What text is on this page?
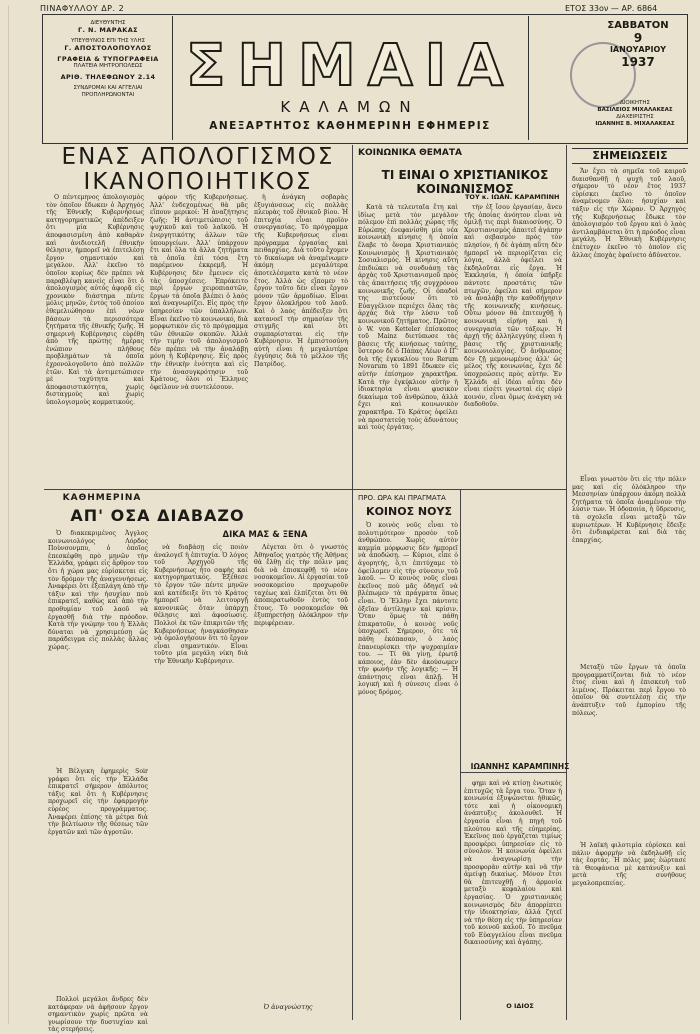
ΠΙΝΑΦΥΛΛΟΥ ΔΡ. 2	ΕΤΟΣ 33ον — ΑΡ. 6864
ΔΙΕΥΘΥΝΤΗΣ
Γ. Ν. ΜΑΡΑΚΑΣ
ΥΠΕΥΘΥΝΟΣ ΕΠΙ ΤΗΣ ΥΛΗΣ
Γ. ΑΠΟΣΤΟΛΟΠΟΥΛΟΣ
ΓΡΑΦΕΙΑ & ΤΥΠΟΓΡΑΦΕΙΑ
ΠΛΑΤΕΙΑ ΜΗΤΡΟΠΟΛΕΩΣ
ΑΡΙΘ. ΤΗΛΕΦΩΝΟΥ 2.14
ΣΥΝΔΡΟΜΑΙ ΚΑΙ ΑΓΓΕΛΙΑΙ
ΠΡΟΠΛΗΡΩΝΟΝΤΑΙ ΣΗΜΑΙΑ
ΚΑΛΑΜΩΝ
ΑΝΕΞΑΡΤΗΤΟΣ ΚΑΘΗΜΕΡΙΝΗ ΕΦΗΜΕΡΙΣ
ΣΑΒΒΑΤΟΝ
9
ΙΑΝΟΥΑΡΙΟΥ
1937
ΔΙΟΙΚΗΤΗΣ
ΒΑΣΙΛΕΙΟΣ ΜΙΧΑΛΑΚΕΑΣ
ΔΙΑΧΕΙΡΙΣΤΗΣ
ΙΩΑΝΝΗΣ Β. ΜΙΧΑΛΑΚΕΑΣ
ΕΝΑΣ ΑΠΟΛΟΓΙΣΜΟΣ ΙΚΑΝΟΠΟΙΗΤΙΚΟΣ

Ο πέντεμηνος ἀπολογισμὸς τὸν ὁποῖον ἔδωκεν ὁ Ἀρχηγὸς τῆς Ἐθνικῆς Κυβερνήσεως κατηγορηματικῶς ἀπέδειξεν ὅτι μία Κυβέρνησις ἀποφασισμένη ἀπὸ καθαρὰν καὶ ἀνιδιοτελῆ ἐθνικὴν θέλησιν, ἠμπορεῖ νὰ ἐπιτελέσῃ ἔργον σημαντικόν καὶ μεγάλον. Ἀλλ' ἐκεῖνο τὸ ὁποῖον κυρίως δὲν πρέπει νὰ παραβλέψῃ κανεὶς εἶναι ὅτι ὁ ἀπολογισμὸς αὐτὸς ἀφορᾷ εἰς χρονικὸν διάστημα πέντε μόλις μηνῶν, ἐντὸς τοῦ ὁποίου ἐθεμελιώθησαν ἐπὶ νέων βάσεων τὰ περισσότερα ζητήματα τῆς ἐθνικῆς ζωῆς. Ἡ σημερινὴ Κυβέρνησις εὑρέθη ἀπὸ τῆς πρώτης ἡμέρας ἐνώπιον πλήθους προβλημάτων τὰ ὁποῖα ἐχρονολογοῦντο ἀπὸ πολλῶν ἐτῶν. Καὶ τὰ ἀντιμετώπισεν μὲ ταχύτητα καὶ ἀποφασιστικότητα, χωρὶς δισταγμοὺς καὶ χωρὶς ὑπολογισμοὺς κομματικούς.

φόρον τῆς Κυβερνήσεως. Ἀλλ' ἐνδεχομένως θὰ μᾶς εἴπουν μερικοί: Ἡ ἀναζήτησις ζωῆς: Ἡ ἀντιμετώπισις τοῦ ψυχικοῦ καὶ τοῦ λαϊκοῦ. Ἡ ἐνεργητικότης ἀλλων τῶν ὑπουργείων. Ἀλλ' ὑπάρχουν ἔτι καὶ ὅλα τὰ ἄλλα ζητήματα τὰ ὁποῖα ἐπὶ τόσα ἔτη παρέμενον ἐκκρεμῆ. Ἡ Κυβέρνησις δὲν ἔμεινεν εἰς τὰς ὑποσχέσεις. Ἐπρόκειτο περὶ ἔργων χειροπιαστῶν, ἔργων τὰ ὁποῖα βλέπει ὁ λαὸς καὶ ἀναγνωρίζει. Εἰς πρὸς τὴν ὑπηρεσίαν τῶν ὑπαλλήλων. Εἶναι ἐκεῖνο τὸ κοινωνικό, διὰ μορφωτικὸν εἰς τὸ πρόγραμμα τῶν ἐθνικῶν σκοπῶν. Ἀλλὰ τὴν τιμὴν τοῦ ἀπολογισμοῦ δὲν πρέπει νὰ τὴν ἀναλάβῃ μόνη ἡ Κυβέρνησις. Εἰς πρὸς τὴν ἐθνικὴν ἐνότητα καὶ εἰς τὴν ἀνασυγκρότησιν τοῦ Κράτους, ὅλοι οἱ Ἕλληνες ὀφείλουν νὰ συντελέσουν.

ἡ ἀνάγκη σοβαρὰς ἐξυγιάνσεως εἰς πολλὰς πλευρὰς τοῦ ἐθνικοῦ βίου. Ἡ ἐπιτυχία εἶναι προϊὸν συνεργασίας. Τὸ πρόγραμμα τῆς Κυβερνήσεως εἶναι πρόγραμμα ἐργασίας καὶ πειθαρχίας. Διὰ τοῦτο ἔχομεν τὸ δικαίωμα νὰ ἀναμένωμεν ἀκόμη μεγαλύτερα ἀποτελέσματα κατὰ τὸ νέον ἔτος. Ἀλλὰ ὡς εἴπομεν τὸ ἔργον τοῦτο δὲν εἶναι ἔργον μόνον τῶν ἀρμοδίων. Εἶναι ἔργον ὁλοκλήρου τοῦ λαοῦ. Καὶ ὁ λαὸς ἀπέδειξεν ὅτι κατανοεῖ τὴν σημασίαν τῆς στιγμῆς καὶ ὅτι συμπαρίσταται εἰς τὴν Κυβέρνησιν. Ἡ ἐμπιστοσύνη αὐτὴ εἶναι ἡ μεγαλυτέρα ἐγγύησις διὰ τὸ μέλλον τῆς Πατρίδος.

ΚΟΙΝΩΝΙΚΑ ΘΕΜΑΤΑ
ΤΙ ΕΙΝΑΙ Ο ΧΡΙΣΤΙΑΝΙΚΟΣ ΚΟΙΝΩΝΙΣΜΟΣ
ΤΟΥ κ. ΙΩΑΝ. ΚΑΡΑΜΠΙΝΗ

Κατὰ τὰ τελευταῖα ἔτη καὶ ἰδίως μετὰ τὸν μεγάλον πόλεμον ἐπὶ πολλὰς χώρας τῆς Εὐρώπης ἐνεφανίσθη μία νέα κοινωνικὴ κίνησις ἡ ὁποία ἔλαβε τὸ ὄνομα Χριστιανικὸς Κοινωνισμὸς ἢ Χριστιανικὸς Σοσιαλισμός. Ἡ κίνησις αὕτη ἐπιδιώκει νὰ συνδυάσῃ τὰς ἀρχὰς τοῦ Χριστιανισμοῦ πρὸς τὰς ἀπαιτήσεις τῆς συγχρόνου κοινωνικῆς ζωῆς. Οἱ ὀπαδοὶ της πιστεύουν ὅτι τὸ Εὐαγγέλιον περιέχει ὅλας τὰς ἀρχὰς διὰ τὴν λύσιν τοῦ κοινωνικοῦ ζητήματος. Πρῶτος ὁ W. von Ketteler ἐπίσκοπος τοῦ Mainz διετύπωσε τὰς βάσεις τῆς κινήσεως ταύτης, ὕστερον δὲ ὁ Πάπας Λέων ὁ ΙΓ' διὰ τῆς ἐγκυκλίου του Rerum Novarum τὸ 1891 ἔδωκεν εἰς αὐτὴν ἐπίσημον χαρακτῆρα. Κατὰ τὴν ἐγκύκλιον αὐτὴν ἡ ἰδιοκτησία εἶναι φυσικὸν δικαίωμα τοῦ ἀνθρώπου, ἀλλὰ ἔχει καὶ κοινωνικὸν χαρακτῆρα. Τὸ Κράτος ὀφείλει νὰ προστατεύῃ τοὺς ἀδυνάτους καὶ τοὺς ἐργάτας.

τὴν ἐξ ἴσου ἐργασίαν, ἄνευ τῆς ὁποίας ἀνόητον εἶναι νὰ ὁμιλῇ τις περὶ δικαιοσύνης. Ὁ Χριστιανισμὸς ἀπαιτεῖ ἀγάπην καὶ σεβασμὸν πρὸς τὸν πλησίον, ἡ δὲ ἀγάπη αὕτη δὲν ἠμπορεῖ νὰ περιορίζεται εἰς λόγια, ἀλλὰ ὀφείλει νὰ ἐκδηλοῦται εἰς ἔργα. Ἡ Ἐκκλησία, ἡ ὁποία ὑπῆρξε πάντοτε προστάτις τῶν πτωχῶν, ὀφείλει καὶ σήμερον νὰ ἀναλάβῃ τὴν καθοδήγησιν τῆς κοινωνικῆς κινήσεως. Οὕτω μόνον θὰ ἐπιτευχθῇ ἡ κοινωνικὴ εἰρήνη καὶ ἡ συνεργασία τῶν τάξεων. Ἡ ἀρχὴ τῆς ἀλληλεγγύης εἶναι ἡ βάσις τῆς χριστιανικῆς κοινωνιολογίας. Ὁ ἄνθρωπος δὲν ζῇ μεμονωμένος ἀλλ' ὡς μέλος τῆς κοινωνίας, ἔχει δὲ ὑποχρεώσεις πρὸς αὐτήν. Ἐν Ἑλλάδι αἱ ἰδέαι αὗται δὲν εἶναι εἰσέτι γνωσταὶ εἰς εὐρύ κοινόν, εἶναι ὅμως ἀνάγκη νὰ διαδοθοῦν.

ΙΩΑΝΝΗΣ ΚΑΡΑΜΠΙΝΗΣ
ΣΗΜΕΙΩΣΕΙΣ

Ἄν ἔχει τὰ σημεῖα τοῦ καιροῦ διαισθανθῇ ἡ ψυχὴ τοῦ λαοῦ, σήμερον τὸ νέον ἔτος 1937 εὑρίσκει ἐκεῖνο τὸ ὁποῖον ἀναμένομεν ὅλοι: ἡσυχίαν καὶ τάξιν εἰς τὴν Χώραν. Ὁ Ἀρχηγὸς τῆς Κυβερνήσεως ἔδωκε τὸν ἀπολογισμὸν τοῦ ἔργου καὶ ὁ λαὸς ἀντιλαμβάνεται ὅτι ἡ πρόοδος εἶναι μεγάλη. Ἡ Ἐθνικὴ Κυβέρνησις ἐπέτυχεν ἐκεῖνο τὸ ὁποῖον εἰς ἄλλας ἐποχὰς ἐφαίνετο ἀδύνατον.

Εἶναι γνωστὸν ὅτι εἰς τὴν πόλιν μας καὶ εἰς ὁλόκληρον τὴν Μεσσηνίαν ὑπάρχουν ἀκόμη πολλὰ ζητήματα τὰ ὁποῖα ἀναμένουν τὴν λύσιν των. Ἡ ὁδοποιία, ἡ ὕδρευσις, τὰ σχολεῖα εἶναι μεταξὺ τῶν κυριωτέρων. Ἡ Κυβέρνησις ἔδειξε ὅτι ἐνδιαφέρεται καὶ διὰ τὰς ἐπαρχίας.

Μεταξὺ τῶν ἔργων τὰ ὁποῖα προγραμματίζονται διὰ τὸ νέον ἔτος εἶναι καὶ ἡ ἐπισκευὴ τοῦ λιμένος. Πρόκειται περὶ ἔργου τὸ ὁποῖον θὰ συντελέσῃ εἰς τὴν ἀνάπτυξιν τοῦ ἐμπορίου τῆς πόλεως.

Ἡ λαϊκὴ φιλοτιμία εὑρίσκει καὶ πάλιν ἀφορμὴν νὰ ἐκδηλωθῇ εἰς τὰς ἑορτάς. Ἡ πόλις μας ἑώρτασε τὰ Θεοφάνεια μὲ κατάνυξιν καὶ μετὰ τῆς συνήθους μεγαλοπρεπείας.

ΚΑΘΗΜΕΡΙΝΑ
ΑΠ' ΟΣΑ ΔΙΑΒΑΖΟ

Ὁ διακεκριμένος Ἀγγλος κοινωνιολόγος Λόρδος Ποὺνσονμπυ, ὁ ὁποῖος ἐπεσκέφθη πρὸ μηνῶν τὴν Ἑλλάδα, γράφει εἰς ἄρθρον του ὅτι ἡ χώρα μας εὑρίσκεται εἰς τὸν δρόμον τῆς ἀναγεννήσεως. Ἀναφέρει ὅτι ἐξεπλάγη ἀπὸ τὴν τάξιν καὶ τὴν ἡσυχίαν ποὺ ἐπικρατεῖ, καθὼς καὶ ἀπὸ τὴν προθυμίαν τοῦ λαοῦ νὰ ἐργασθῇ διὰ τὴν πρόοδον. Κατὰ τὴν γνώμην του ἡ Ἑλλὰς δύναται νὰ χρησιμεύσῃ ὡς παράδειγμα εἰς πολλὰς ἄλλας χώρας.

Ἡ Βέλγικη ἐφημερὶς Soir γράφει ὅτι εἰς τὴν Ἑλλάδα ἐπικρατεῖ σήμερον ἀπόλυτος τάξις καὶ ὅτι ἡ Κυβέρνησις προχωρεῖ εἰς τὴν ἐφαρμογὴν εὐρέος προγράμματος. Ἀναφέρει ἐπίσης τὰ μέτρα διὰ τὴν βελτίωσιν τῆς θέσεως τῶν ἐργατῶν καὶ τῶν ἀγροτῶν.

Πολλοὶ μεγάλοι ἄνδρες δὲν κατάφεραν νὰ ἀφήσουν ἔργον σημαντικὸν χωρὶς πρῶτα νὰ γνωρίσουν τὴν δυστυχίαν καὶ τὰς στερήσεις.

ΔΙΚΑ ΜΑΣ & ΞΕΝΑ

νὰ διαβάσῃ εἰς ποιὸν ἀναλογεῖ ἡ ἐπιτυχία. Ὁ λόγος τοῦ Ἀρχηγοῦ τῆς Κυβερνήσεως ἦτο σαφὴς καὶ κατηγορηματικός. Ἐξέθεσε τὸ ἔργον τῶν πέντε μηνῶν καὶ κατέδειξε ὅτι τὸ Κράτος ἠμπορεῖ νὰ λειτουργῇ κανονικῶς ὅταν ὑπάρχῃ θέλησις καὶ ἀφοσίωσις. Πολλοὶ ἐκ τῶν ἐπικριτῶν τῆς Κυβερνήσεως ἠναγκάσθησαν νὰ ὁμολογήσουν ὅτι τὸ ἔργον εἶναι σημαντικόν. Εἶναι τοῦτο μία μεγάλη νίκη διὰ τὴν Ἐθνικὴν Κυβέρνησιν.

Λέγεται ὅτι ὁ γνωστὸς Ἀθηναῖος γιατρὸς τῆς Ἀθήνας θὰ ἔλθῃ εἰς τὴν πόλιν μας διὰ νὰ ἐπισκεφθῇ τὸ νέον νοσοκομεῖον. Αἱ ἐργασίαι τοῦ νοσοκομείου προχωροῦν ταχέως καὶ ἐλπίζεται ὅτι θὰ ἀποπερατωθοῦν ἐντὸς τοῦ ἔτους. Τὸ νοσοκομεῖον θὰ ἐξυπηρετήσῃ ὁλόκληρον τὴν περιφέρειαν.

Ὁ ἀναγνώστης
ΠΡΟ. ΩΡΑ ΚΑΙ ΠΡΑΓΜΑΤΑ
ΚΟΙΝΟΣ ΝΟΥΣ

Ὁ κοινὸς νοῦς εἶναι τὸ πολυτιμότερον προσὸν τοῦ ἀνθρώπου. Χωρὶς αὐτὸν καμμία μόρφωσις δὲν ἠμπορεῖ νὰ ἀποδώσῃ. — Κύριοι, εἶπε ὁ ἀγορητής, ὅ,τι ἐπιτύχαμε τὸ ὀφείλομεν εἰς τὴν σύνεσιν τοῦ λαοῦ. — Ὁ κοινὸς νοῦς εἶναι ἐκεῖνος ποὺ μᾶς ὁδηγεῖ νὰ βλέπωμεν τὰ πράγματα ὅπως εἶναι. Ὁ Ἕλλην ἔχει πάντοτε ὀξεῖαν ἀντίληψιν καὶ κρίσιν. Ὅταν ὅμως τὰ πάθη ἐπικρατοῦν, ὁ κοινὸς νοῦς ὑποχωρεῖ. Σήμερον, ὅτε τὰ πάθη ἐκόπασαν, ὁ λαὸς ἐπανευρίσκει τὴν ψυχραιμίαν του. — Τί θὰ γίνῃ, ἐρωτᾷ κάποιος, ἐὰν δὲν ἀκούσωμεν τὴν φωνὴν τῆς λογικῆς; — Ἡ ἀπάντησις εἶναι ἁπλῆ. Ἡ λογικὴ καὶ ἡ σύνεσις εἶναι ὁ μόνος δρόμος.

φημι καὶ νὰ κτίσῃ ἐνωτικὸς ἐπιτυχῶς τὰ ἔργα του. Ὅταν ἡ κοινωνία ἐξυψώνεται ἠθικῶς, τότε καὶ ἡ οἰκονομικὴ ἀνάπτυξις ἀκολουθεῖ. Ἡ ἐργασία εἶναι ἡ πηγὴ τοῦ πλούτου καὶ τῆς εὐημερίας. Ἐκεῖνος ποὺ ἐργάζεται τιμίως προσφέρει ὑπηρεσίαν εἰς τὸ σύνολον. Ἡ κοινωνία ὀφείλει νὰ ἀναγνωρίσῃ τὴν προσφορὰν αὐτὴν καὶ νὰ τὴν ἀμείψῃ δικαίως. Μόνον ἔτσι θὰ ἐπιτευχθῇ ἡ ἁρμονία μεταξὺ κεφαλαίου καὶ ἐργασίας. Ὁ χριστιανικὸς κοινωνισμὸς δὲν ἀπορρίπτει τὴν ἰδιοκτησίαν, ἀλλὰ ζητεῖ νὰ τὴν θέσῃ εἰς τὴν ὑπηρεσίαν τοῦ κοινοῦ καλοῦ. Τὸ πνεῦμα τοῦ Εὐαγγελίου εἶναι πνεῦμα δικαιοσύνης καὶ ἀγάπης.

Ο ΙΔΙΟΣ
